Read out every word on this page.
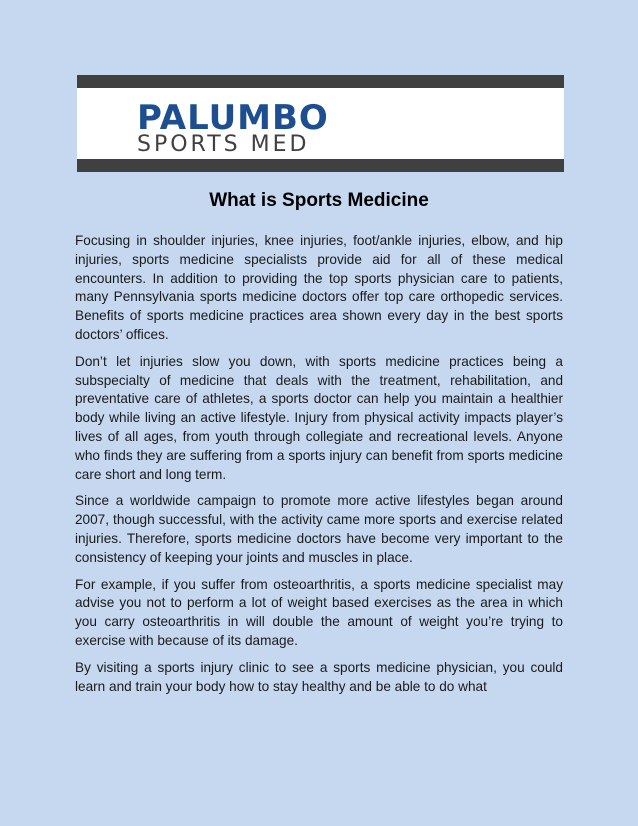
PALUMBO
SPORTS MED
What is Sports Medicine

Focusing in shoulder injuries, knee injuries, foot/ankle injuries, elbow, and hip injuries, sports medicine specialists provide aid for all of these medical encounters. In addition to providing the top sports physician care to patients, many Pennsylvania sports medicine doctors offer top care orthopedic services. Benefits of sports medicine practices area shown every day in the best sports doctors’ offices.

Don’t let injuries slow you down, with sports medicine practices being a subspecialty of medicine that deals with the treatment, rehabilitation, and preventative care of athletes, a sports doctor can help you maintain a healthier body while living an active lifestyle. Injury from physical activity impacts player’s lives of all ages, from youth through collegiate and recreational levels. Anyone who finds they are suffering from a sports injury can benefit from sports medicine care short and long term.

Since a worldwide campaign to promote more active lifestyles began around 2007, though successful, with the activity came more sports and exercise related injuries. Therefore, sports medicine doctors have become very important to the consistency of keeping your joints and muscles in place.

For example, if you suffer from osteoarthritis, a sports medicine specialist may advise you not to perform a lot of weight based exercises as the area in which you carry osteoarthritis in will double the amount of weight you’re trying to exercise with because of its damage.

By visiting a sports injury clinic to see a sports medicine physician, you could learn and train your body how to stay healthy and be able to do what
